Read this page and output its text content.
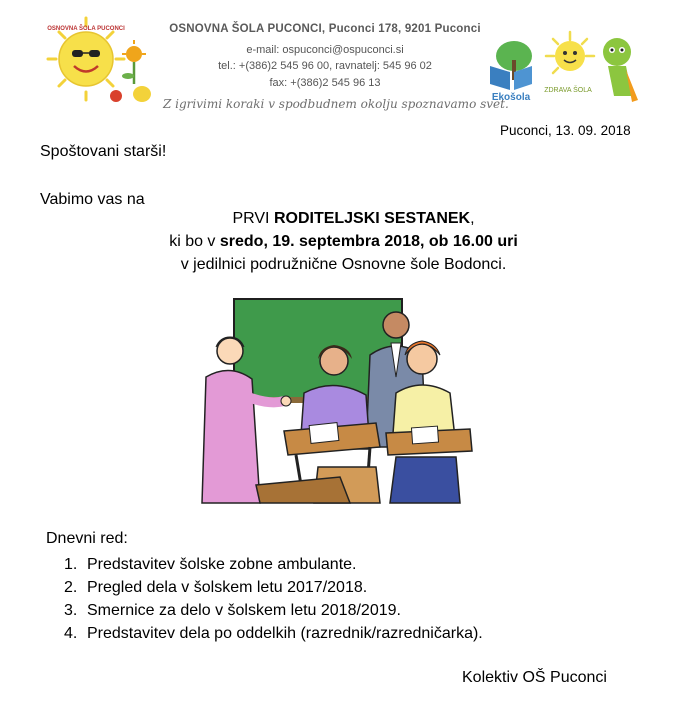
OSNOVNA ŠOLA PUCONCI	OSNOVNA ŠOLA PUCONCI, Puconci 178, 9201 Puconci
e-mail: ospuconci@ospuconci.si
tel.: +(386)2 545 96 00, ravnatelj: 545 96 02
fax: +(386)2 545 96 13
Z igrivimi koraki v spodbudnem okolju spoznavamo svet.
Ekošola
ZDRAVA ŠOLA
Puconci, 13. 09. 2018
Spoštovani starši!
Vabimo vas na
PRVI RODITELJSKI SESTANEK,
ki bo v sredo, 19. septembra 2018, ob 16.00 uri
v jedilnici podružnične Osnovne šole Bodonci.
Dnevni red:
1. Predstavitev šolske zobne ambulante.
2. Pregled dela v šolskem letu 2017/2018.
3. Smernice za delo v šolskem letu 2018/2019.
4. Predstavitev dela po oddelkih (razrednik/razredničarka).
Kolektiv OŠ Puconci
